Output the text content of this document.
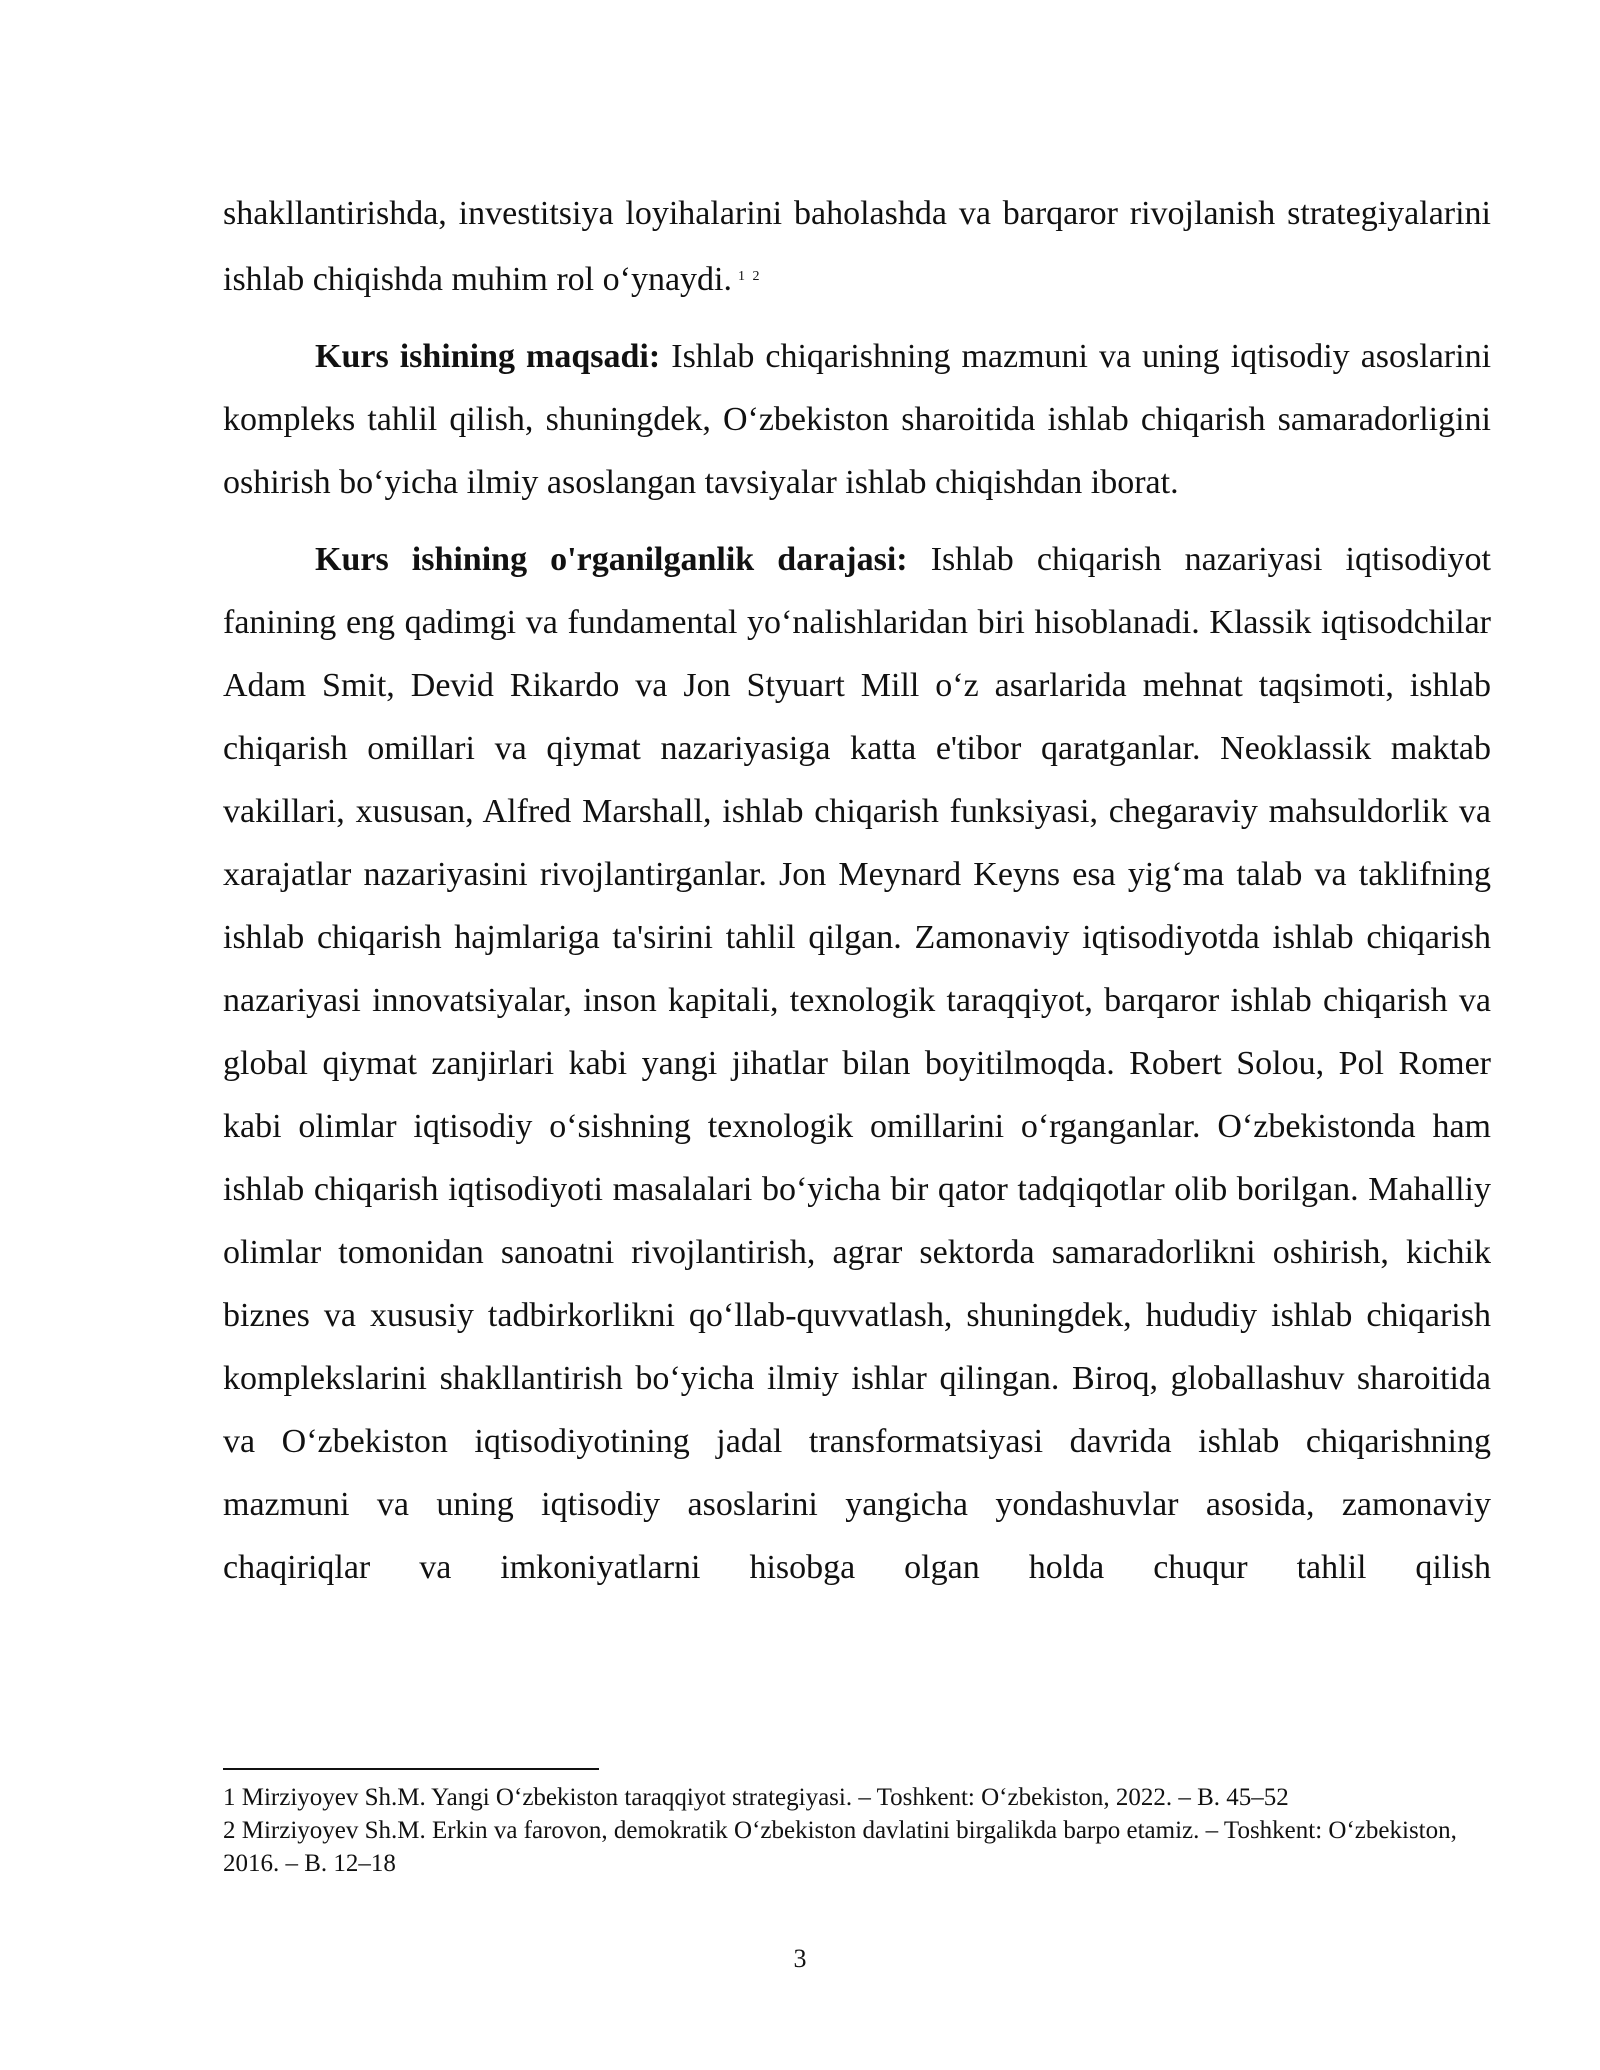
shakllantirishda, investitsiya loyihalarini baholashda va barqaror rivojlanish strategiyalarini ishlab chiqishda muhim rol o‘ynaydi. $^{1 2}$

Kurs ishining maqsadi: Ishlab chiqarishning mazmuni va uning iqtisodiy asoslarini kompleks tahlil qilish, shuningdek, O‘zbekiston sharoitida ishlab chiqarish samaradorligini oshirish bo‘yicha ilmiy asoslangan tavsiyalar ishlab chiqishdan iborat.

Kurs ishining o'rganilganlik darajasi: Ishlab chiqarish nazariyasi iqtisodiyot fanining eng qadimgi va fundamental yo‘nalishlaridan biri hisoblanadi. Klassik iqtisodchilar Adam Smit, Devid Rikardo va Jon Styuart Mill o‘z asarlarida mehnat taqsimoti, ishlab chiqarish omillari va qiymat nazariyasiga katta e'tibor qaratganlar. Neoklassik maktab vakillari, xususan, Alfred Marshall, ishlab chiqarish funksiyasi, chegaraviy mahsuldorlik va xarajatlar nazariyasini rivojlantirganlar. Jon Meynard Keyns esa yig‘ma talab va taklifning ishlab chiqarish hajmlariga ta'sirini tahlil qilgan. Zamonaviy iqtisodiyotda ishlab chiqarish nazariyasi innovatsiyalar, inson kapitali, texnologik taraqqiyot, barqaror ishlab chiqarish va global qiymat zanjirlari kabi yangi jihatlar bilan boyitilmoqda. Robert Solou, Pol Romer kabi olimlar iqtisodiy o‘sishning texnologik omillarini o‘rganganlar. O‘zbekistonda ham ishlab chiqarish iqtisodiyoti masalalari bo‘yicha bir qator tadqiqotlar olib borilgan. Mahalliy olimlar tomonidan sanoatni rivojlantirish, agrar sektorda samaradorlikni oshirish, kichik biznes va xususiy tadbirkorlikni qo‘llab-quvvatlash, shuningdek, hududiy ishlab chiqarish komplekslarini shakllantirish bo‘yicha ilmiy ishlar qilingan. Biroq, globallashuv sharoitida va O‘zbekiston iqtisodiyotining jadal transformatsiyasi davrida ishlab chiqarishning mazmuni va uning iqtisodiy asoslarini yangicha yondashuvlar asosida, zamonaviy chaqiriqlar va imkoniyatlarni hisobga olgan holda chuqur tahlil qilish

1 Mirziyoyev Sh.M. Yangi O‘zbekiston taraqqiyot strategiyasi. – Toshkent: O‘zbekiston, 2022. – B. 45–52

2 Mirziyoyev Sh.M. Erkin va farovon, demokratik O‘zbekiston davlatini birgalikda barpo etamiz. – Toshkent: O‘zbekiston, 2016. – B. 12–18

3
